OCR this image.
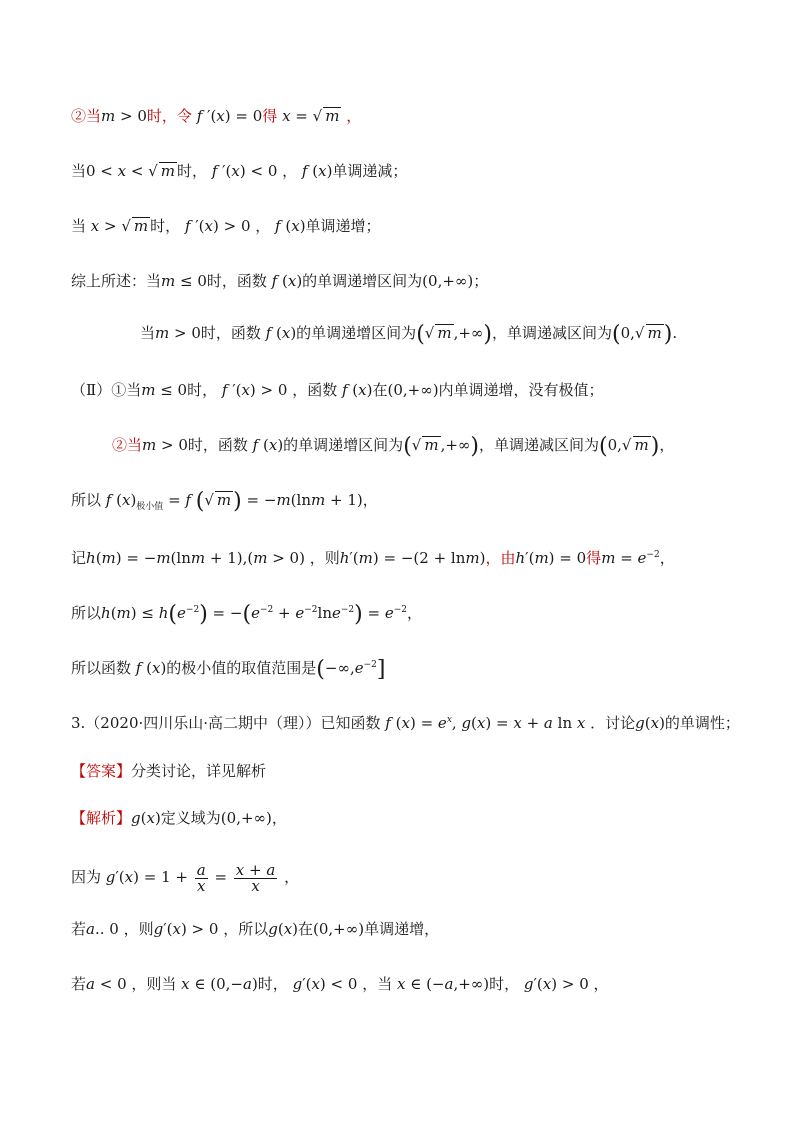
②当m > 0时，令 f ′(x) = 0得 x = √ m ，
当0 < x < √ m 时， f ′(x) < 0 ， f (x)单调递减；
当 x > √ m 时， f ′(x) > 0 ， f (x)单调递增；
综上所述：当m ≤ 0时，函数 f (x)的单调递增区间为(0,+∞)；
当m > 0时，函数 f (x)的单调递增区间为(√ m ,+∞)，单调递减区间为(0,√ m).
（Ⅱ）①当m ≤ 0时， f ′(x) > 0 ，函数 f (x)在(0,+∞)内单调递增，没有极值；
②当m > 0时，函数 f (x)的单调递增区间为(√ m ,+∞)，单调递减区间为(0,√ m)，
所以 f $(x)_{极小值} = f$ (√ m) = −m(lnm + 1)，
记h(m) = −m(lnm + 1),(m > 0) ，则h′(m) = −(2 + lnm)，由h′(m) = 0得$m = e^{-2}$，
所以$h(m) \le h(e^{-2}) = -(e^{-2} + e^{-2}\ln e^{-2}) = e^{-2}$，
所以函数 f (x)的极小值的取值范围是$(-\infty,e^{-2}]$
3.（2020·四川乐山·高二期中（理））已知函数 f $(x) = e^x$, g(x) = x + a ln x ．讨论g(x)的单调性；
【答案】分类讨论，详见解析
【解析】g(x)定义域为(0,+∞)，
因为 $g'(x) = 1 + \frac{a}{x} = \frac{x + a}{x}$ ，
若a.. 0 ，则g′(x) > 0 ，所以g(x)在(0,+∞)单调递增，
若a < 0 ，则当 x ∈ (0,−a)时， g′(x) < 0 ，当 x ∈ (−a,+∞)时， g′(x) > 0 ，
